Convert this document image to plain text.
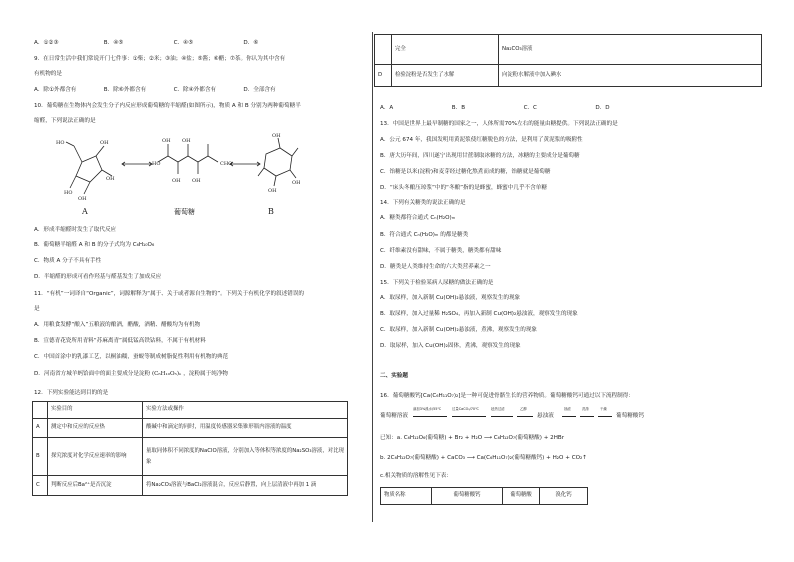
A．①②③	B．④⑤	C．④⑤	D．⑥
9．在日常生活中我们常说开门七件事：①柴；②米；③油；④盐；⑤酱；⑥醋；⑦茶。你认为其中含有
有机物的是
A．除①外都含有	B．除⑥外都含有	C．除④外都含有	D．全部含有
10．葡萄糖在生物体内会发生分子内反应形成葡萄糖的半缩醛(如图所示)，物质 A 和 B 分别为两种葡萄糖半
缩醛，下列说法正确的是
HO
OH
HO
OH
OH
HO
OH
OH
OH
OH
CHO
OH
OH
OH
A	葡萄糖	B
A．形成半缩醛时发生了取代反应
B．葡萄糖半缩醛 A 和 B 的分子式均为 C₆H₁₀O₆
C．物质 A 分子不具有手性
D．半缩醛的形成可看作羟基与醛基发生了加成反应
11．“有机”一词译自“Organic”，词源解释为“属于、关于或者源自生物的”。下列关于有机化学的叙述错误的
是
A．用粮食发酵“酿入”五粮液的酿酒，醋酸，酒精、醋酸均为有机物
B．宣德青花瓷所用青料“苏麻离青”属低锰高铁钴料，不属于有机材料
C．中国首涂中的乳漆工艺，以桐油糯，蚕蜕等制成树脂促性利用有机物的典范
D．河南省方城羊蚂饸面中的面主要成分是淀粉 (C₆H₁₀O₅)ₙ ，淀粉属于纯净物
12．下列实验能达到目的的是
	实验目的	实验方法或操作
A	测定中和反应的反应热	酸碱中和滴定的同时，用温度传感器采集锥形瓶内溶液的温度
B	探究浓度对化学反应速率的影响	量取同体积不同浓度的NaClO溶液，分别加入等体积等浓度的Na₂SO₃溶液，对比现象
C	判断反应后Ba²⁺是否沉淀	将Na₂CO₃溶液与BaCl₂溶液混合，反应后静置，向上层清液中再加 1 滴
	完全	Na₂CO₃溶液
D	检验淀粉是否发生了水解	向淀粉水解液中加入碘水
A．A	B．B	C．C	D．D
13．中国是世界上最早制糖的国家之一，人体所需70%左右的能量由糖提供。下列说法正确的是
A．公元 674 年，我国发明用黄泥浆使红糖脱色的方法，是利用了黄泥浆的吸附性
B．唐大历年间，四川遂宁出现用甘蔗制取冰糖的方法，冰糖的主要成分是葡萄糖
C．饴糖是以米(淀粉)和麦芽经过糖化熬煮而成的糖，饴糖就是葡萄糖
D．“床头冬酿压琼浆”中的“冬酿”指的是蜂蜜，蜂蜜中几乎不含单糖
14．下列有关糖类的说法正确的是
A．糖类都符合通式 Cₙ(H₂O)ₘ
B．符合通式 Cₙ(H₂O)ₘ 的都是糖类
C．纤维素没有甜味，不属于糖类，糖类都有甜味
D．糖类是人类维持生命的六大类营养素之一
15．下列关于检验某病人尿糖的做法正确的是
A．取尿样，加入新制 Cu(OH)₂悬浊液，观察发生的现象
B．取尿样，加入过量稀 H₂SO₄，再加入新制 Cu(OH)₂悬浊液，观察发生的现象
C．取尿样，加入新制 Cu(OH)₂悬浊液，煮沸，观察发生的现象
D．取尿样，加入 Cu(OH)₂固体，煮沸，观察发生的现象
二、实验题
16．葡萄糖酸钙[Ca(C₆H₁₁O₇)₂]是一种可促进骨骼生长的营养物质。葡萄糖酸钙可通过以下流程制得：
葡萄糖溶液
滴加3%溴水/55℃	过量CaCO₃/70℃	趁热过滤	乙醇
悬浊液
抽滤	洗涤	干燥
葡萄糖酸钙
已知：a. C₆H₁₂O₆(葡萄糖) + Br₂ + H₂O ⟶ C₆H₁₂O₇(葡萄糖酸) + 2HBr
b. 2C₆H₁₂O₇(葡萄糖酸) + CaCO₃ ⟶ Ca(C₆H₁₁O₇)₂(葡萄糖酸钙) + H₂O + CO₂↑
c.相关物质的溶解性见下表：
物质名称	葡萄糖酸钙	葡萄糖酸	溴化钙
